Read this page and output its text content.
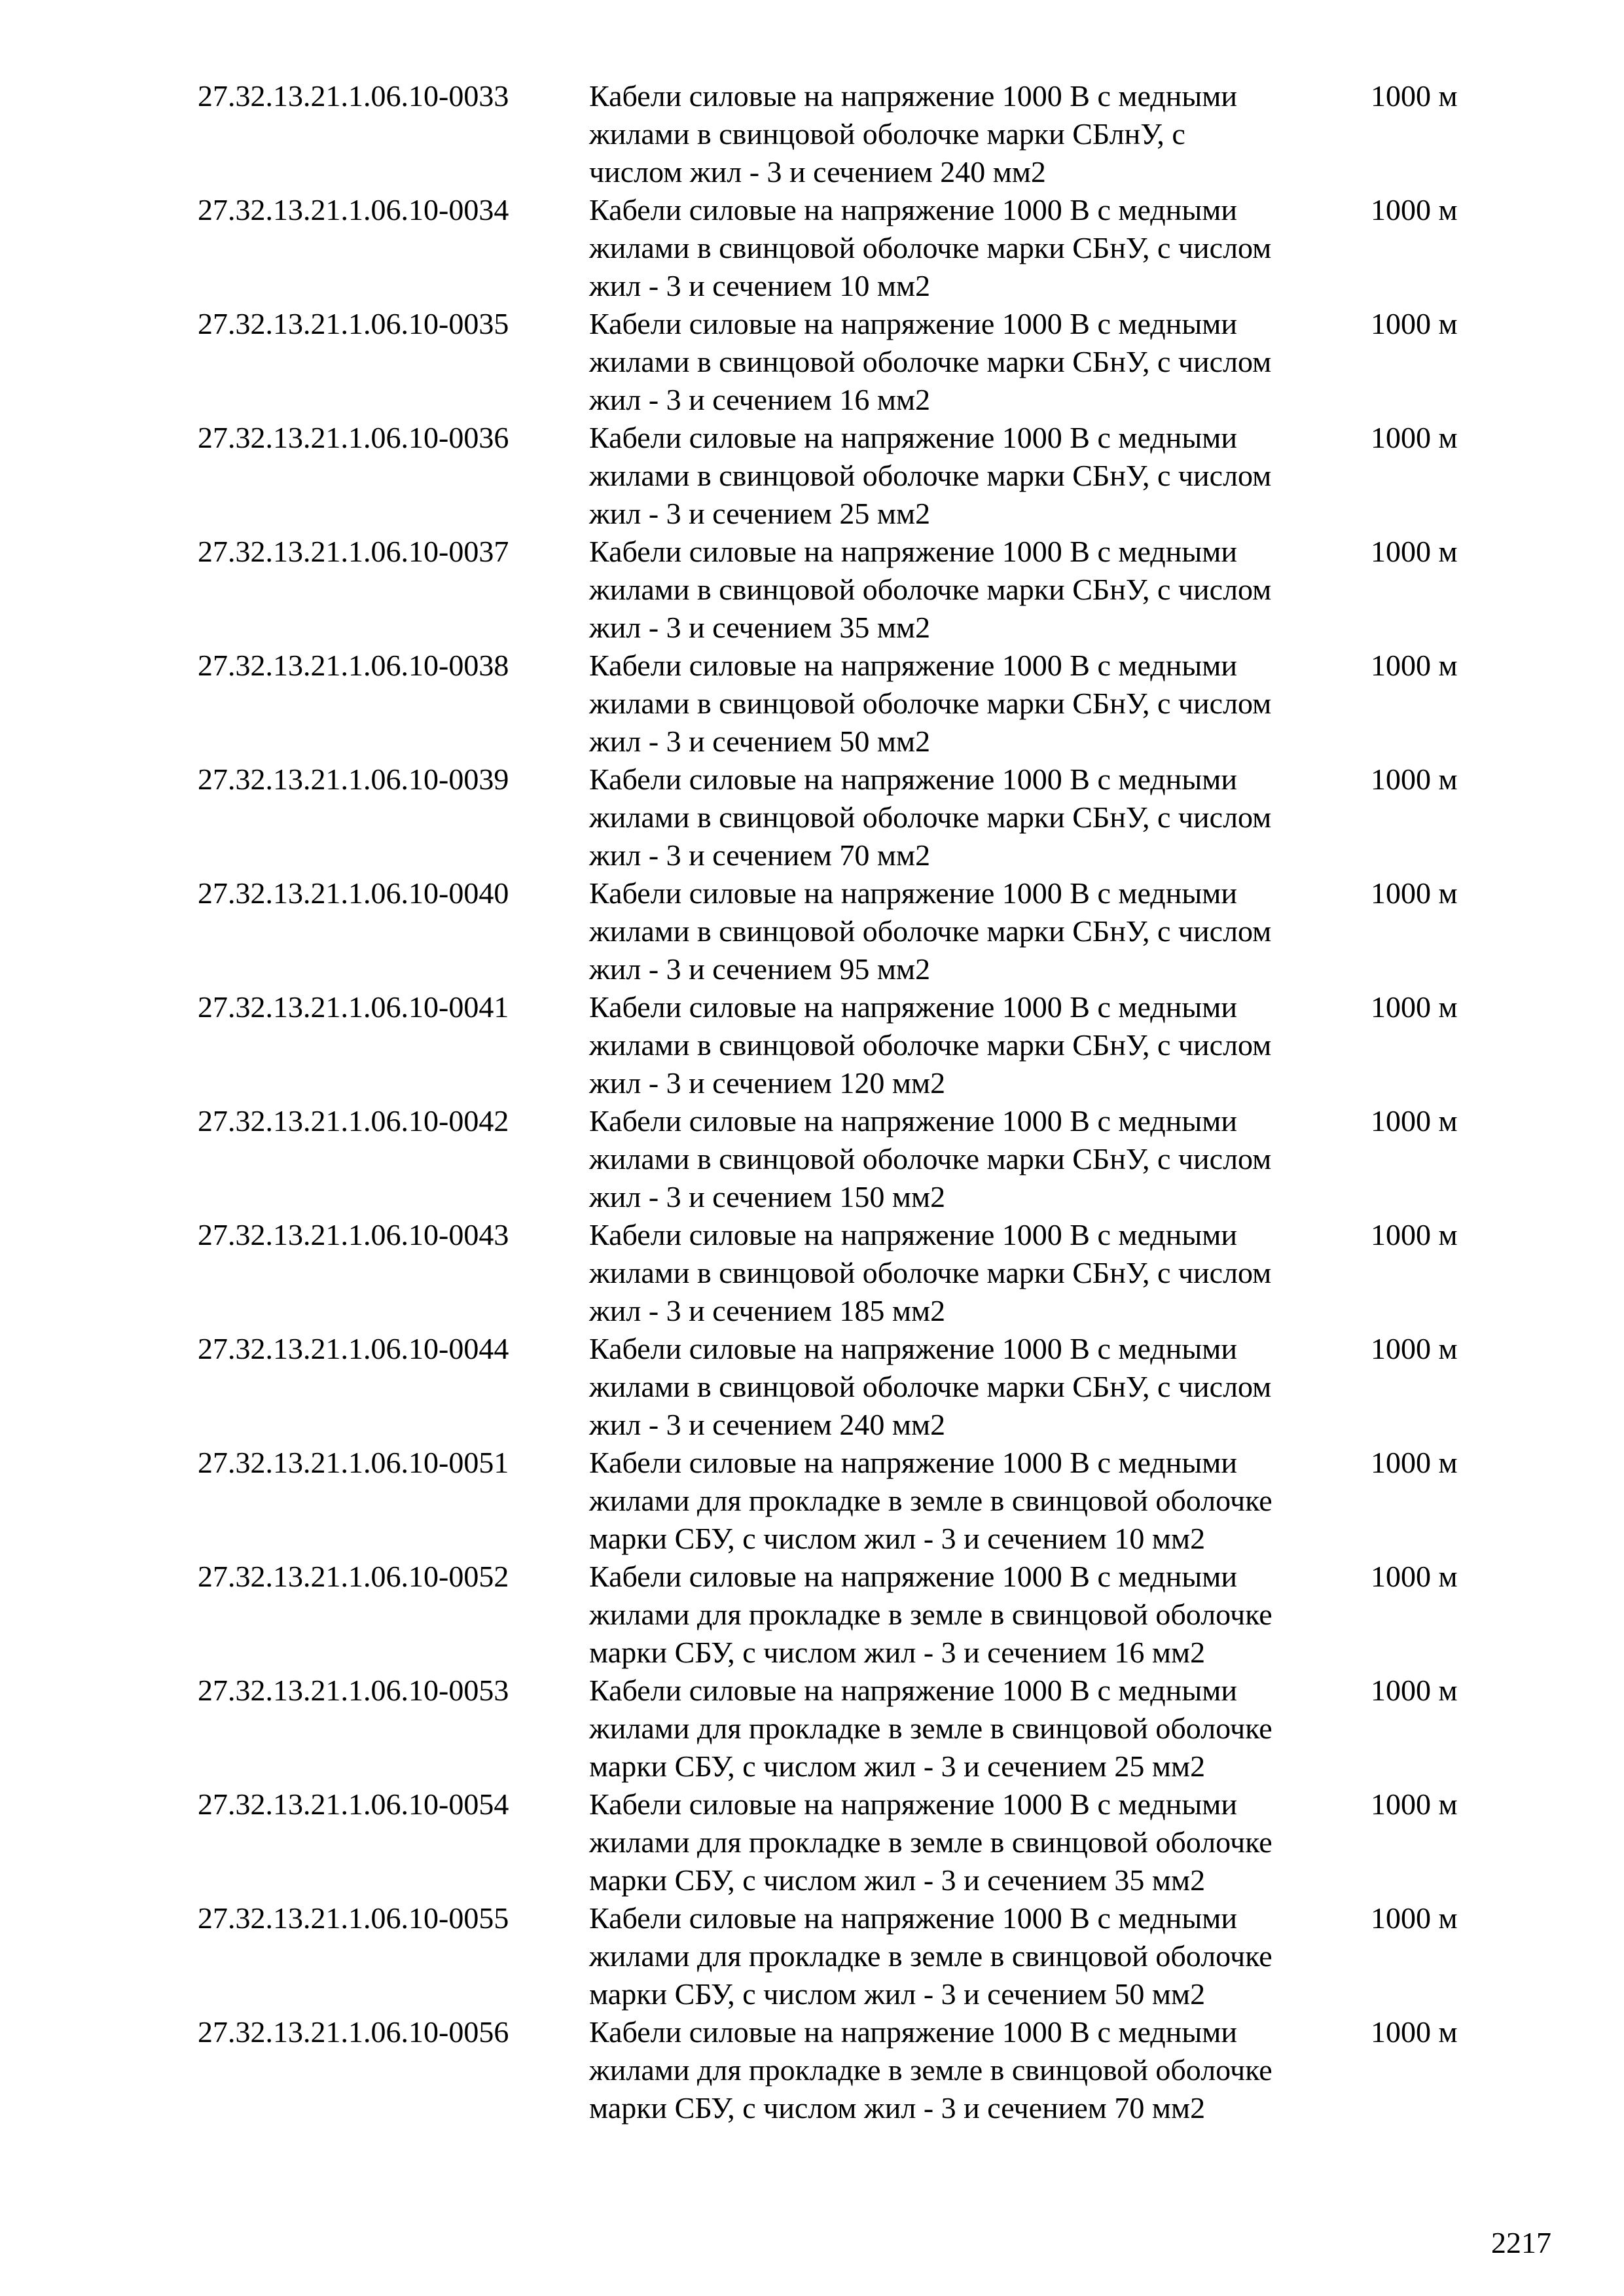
27.32.13.21.1.06.10-0033	Кабели силовые на напряжение 1000 В с медными
жилами в свинцовой оболочке марки СБлнУ, с
числом жил - 3 и сечением 240 мм2
1000 м
27.32.13.21.1.06.10-0034	Кабели силовые на напряжение 1000 В с медными
жилами в свинцовой оболочке марки СБнУ, с числом
жил - 3 и сечением 10 мм2
1000 м
27.32.13.21.1.06.10-0035	Кабели силовые на напряжение 1000 В с медными
жилами в свинцовой оболочке марки СБнУ, с числом
жил - 3 и сечением 16 мм2
1000 м
27.32.13.21.1.06.10-0036	Кабели силовые на напряжение 1000 В с медными
жилами в свинцовой оболочке марки СБнУ, с числом
жил - 3 и сечением 25 мм2
1000 м
27.32.13.21.1.06.10-0037	Кабели силовые на напряжение 1000 В с медными
жилами в свинцовой оболочке марки СБнУ, с числом
жил - 3 и сечением 35 мм2
1000 м
27.32.13.21.1.06.10-0038	Кабели силовые на напряжение 1000 В с медными
жилами в свинцовой оболочке марки СБнУ, с числом
жил - 3 и сечением 50 мм2
1000 м
27.32.13.21.1.06.10-0039	Кабели силовые на напряжение 1000 В с медными
жилами в свинцовой оболочке марки СБнУ, с числом
жил - 3 и сечением 70 мм2
1000 м
27.32.13.21.1.06.10-0040	Кабели силовые на напряжение 1000 В с медными
жилами в свинцовой оболочке марки СБнУ, с числом
жил - 3 и сечением 95 мм2
1000 м
27.32.13.21.1.06.10-0041	Кабели силовые на напряжение 1000 В с медными
жилами в свинцовой оболочке марки СБнУ, с числом
жил - 3 и сечением 120 мм2
1000 м
27.32.13.21.1.06.10-0042	Кабели силовые на напряжение 1000 В с медными
жилами в свинцовой оболочке марки СБнУ, с числом
жил - 3 и сечением 150 мм2
1000 м
27.32.13.21.1.06.10-0043	Кабели силовые на напряжение 1000 В с медными
жилами в свинцовой оболочке марки СБнУ, с числом
жил - 3 и сечением 185 мм2
1000 м
27.32.13.21.1.06.10-0044	Кабели силовые на напряжение 1000 В с медными
жилами в свинцовой оболочке марки СБнУ, с числом
жил - 3 и сечением 240 мм2
1000 м
27.32.13.21.1.06.10-0051	Кабели силовые на напряжение 1000 В с медными
жилами для прокладке в земле в свинцовой оболочке
марки СБУ, с числом жил - 3 и сечением 10 мм2
1000 м
27.32.13.21.1.06.10-0052	Кабели силовые на напряжение 1000 В с медными
жилами для прокладке в земле в свинцовой оболочке
марки СБУ, с числом жил - 3 и сечением 16 мм2
1000 м
27.32.13.21.1.06.10-0053	Кабели силовые на напряжение 1000 В с медными
жилами для прокладке в земле в свинцовой оболочке
марки СБУ, с числом жил - 3 и сечением 25 мм2
1000 м
27.32.13.21.1.06.10-0054	Кабели силовые на напряжение 1000 В с медными
жилами для прокладке в земле в свинцовой оболочке
марки СБУ, с числом жил - 3 и сечением 35 мм2
1000 м
27.32.13.21.1.06.10-0055	Кабели силовые на напряжение 1000 В с медными
жилами для прокладке в земле в свинцовой оболочке
марки СБУ, с числом жил - 3 и сечением 50 мм2
1000 м
27.32.13.21.1.06.10-0056	Кабели силовые на напряжение 1000 В с медными
жилами для прокладке в земле в свинцовой оболочке
марки СБУ, с числом жил - 3 и сечением 70 мм2
1000 м
2217
